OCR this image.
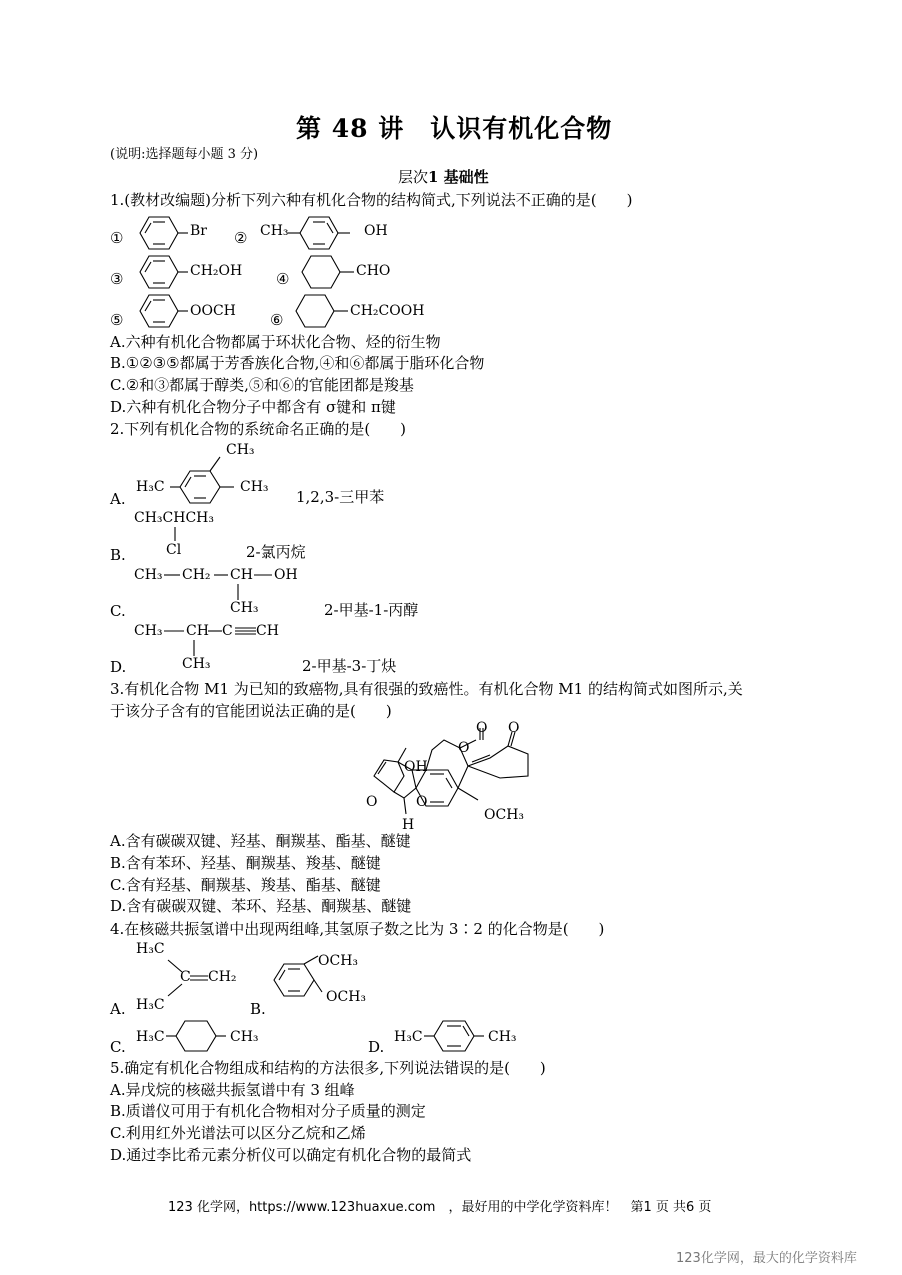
第 48 讲　认识有机化合物
(说明:选择题每小题 3 分)
层次1 基础性
1.(教材改编题)分析下列六种有机化合物的结构简式,下列说法不正确的是(　　)
①	Br ② CH₃	OH
③	CH₂OH ④	CHO
⑤	OOCH ⑥	CH₂COOH
A.六种有机化合物都属于环状化合物、烃的衍生物
B.①②③⑤都属于芳香族化合物,④和⑥都属于脂环化合物
C.②和③都属于醇类,⑤和⑥的官能团都是羧基
D.六种有机化合物分子中都含有 σ键和 π键
2.下列有机化合物的系统命名正确的是(　　)
A.
CH₃
H₃C	CH₃
1,2,3-三甲苯
CH₃CHCH₃
Cl
B.	2-氯丙烷
CH₃ CH₂ CH OH
CH₃
C.	2-甲基-1-丙醇
CH₃ CH C CH
CH₃
D.	2-甲基-3-丁炔
3.有机化合物 M1 为已知的致癌物,具有很强的致癌性。有机化合物 M1 的结构简式如图所示,关
于该分子含有的官能团说法正确的是(　　)
O O
O
OH
O	O
H
OCH₃
A.含有碳碳双键、羟基、酮羰基、酯基、醚键
B.含有苯环、羟基、酮羰基、羧基、醚键
C.含有羟基、酮羰基、羧基、酯基、醚键
D.含有碳碳双键、苯环、羟基、酮羰基、醚键
4.在核磁共振氢谱中出现两组峰,其氢原子数之比为 3∶2 的化合物是(　　)
H₃C
C CH₂
H₃C
A.	B.
OCH₃
OCH₃
H₃C	CH₃
C.	D.
H₃C	CH₃
5.确定有机化合物组成和结构的方法很多,下列说法错误的是(　　)
A.异戊烷的核磁共振氢谱中有 3 组峰
B.质谱仪可用于有机化合物相对分子质量的测定
C.利用红外光谱法可以区分乙烷和乙烯
D.通过李比希元素分析仪可以确定有机化合物的最简式
123 化学网，https://www.123huaxue.com　，最好用的中学化学资料库！　第1 页 共6 页
123化学网，最大的化学资料库
